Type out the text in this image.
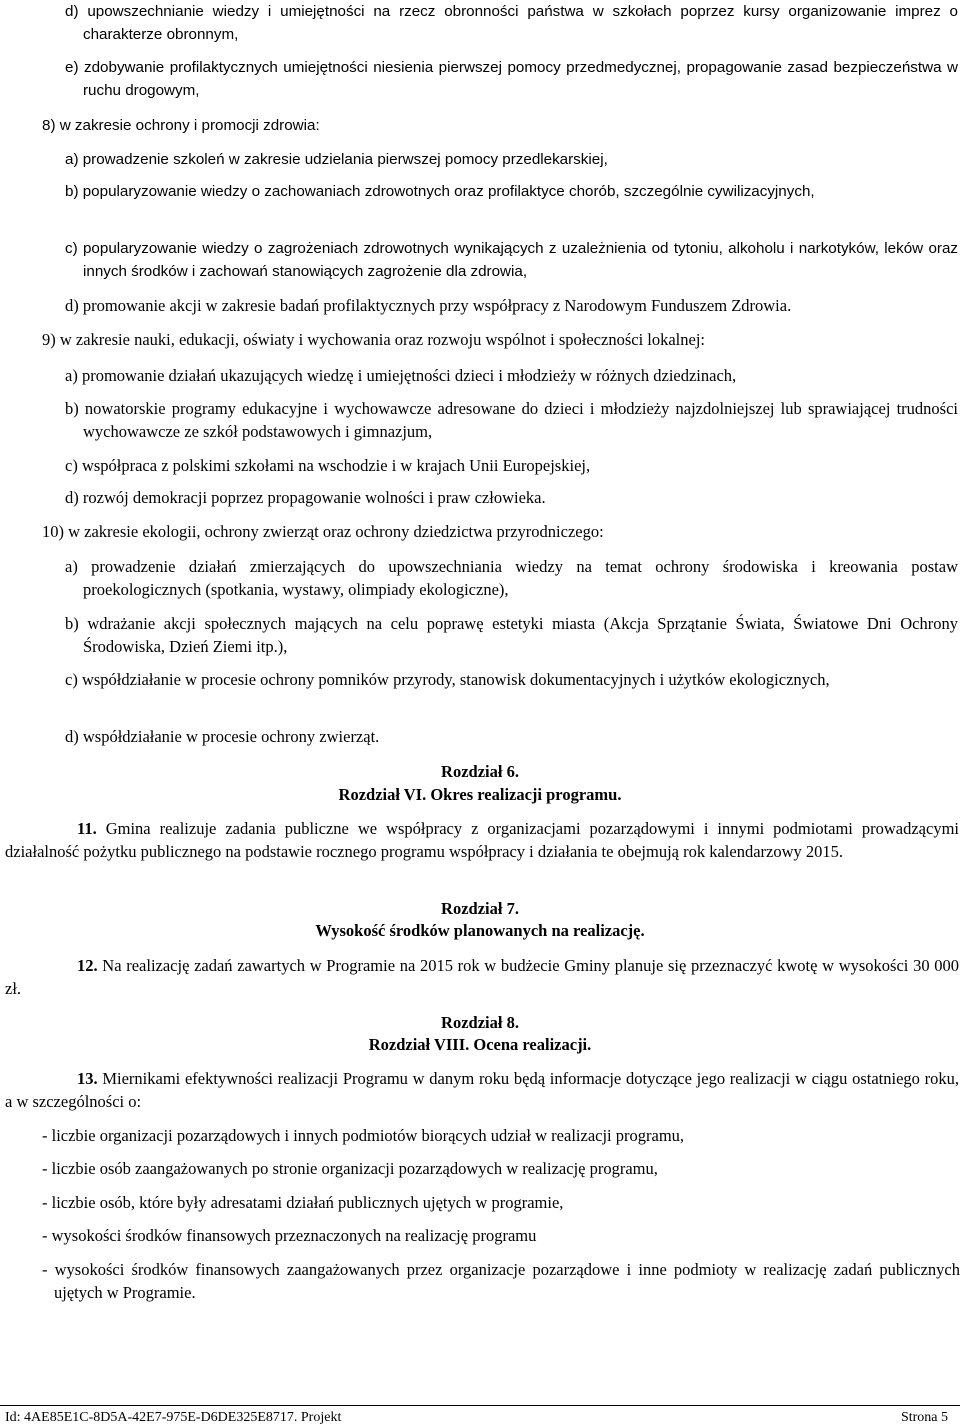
d) upowszechnianie wiedzy i umiejętności na rzecz obronności państwa w szkołach poprzez kursy organizowanie imprez o charakterze obronnym,

e) zdobywanie profilaktycznych umiejętności niesienia pierwszej pomocy przedmedycznej, propagowanie zasad bezpieczeństwa w ruchu drogowym,

8) w zakresie ochrony i promocji zdrowia:

a) prowadzenie szkoleń w zakresie udzielania pierwszej pomocy przedlekarskiej,

b) popularyzowanie wiedzy o zachowaniach zdrowotnych oraz profilaktyce chorób, szczególnie cywilizacyjnych,

c) popularyzowanie wiedzy o zagrożeniach zdrowotnych wynikających z uzależnienia od tytoniu, alkoholu i narkotyków, leków oraz innych środków i zachowań stanowiących zagrożenie dla zdrowia,

d) promowanie akcji w zakresie badań profilaktycznych przy współpracy z Narodowym Funduszem Zdrowia.

9) w zakresie nauki, edukacji, oświaty i wychowania oraz rozwoju wspólnot i społeczności lokalnej:

a) promowanie działań ukazujących wiedzę i umiejętności dzieci i młodzieży w różnych dziedzinach,

b) nowatorskie programy edukacyjne i wychowawcze adresowane do dzieci i młodzieży najzdolniejszej lub sprawiającej trudności wychowawcze ze szkół podstawowych i gimnazjum,

c) współpraca z polskimi szkołami na wschodzie i w krajach Unii Europejskiej,

d) rozwój demokracji poprzez propagowanie wolności i praw człowieka.

10) w zakresie ekologii, ochrony zwierząt oraz ochrony dziedzictwa przyrodniczego:

a) prowadzenie działań zmierzających do upowszechniania wiedzy na temat ochrony środowiska i kreowania postaw proekologicznych (spotkania, wystawy, olimpiady ekologiczne),

b) wdrażanie akcji społecznych mających na celu poprawę estetyki miasta (Akcja Sprzątanie Świata, Światowe Dni Ochrony Środowiska, Dzień Ziemi itp.),

c) współdziałanie w procesie ochrony pomników przyrody, stanowisk dokumentacyjnych i użytków ekologicznych,

d) współdziałanie w procesie ochrony zwierząt.

Rozdział 6.

Rozdział VI. Okres realizacji programu.

11. Gmina realizuje zadania publiczne we współpracy z organizacjami pozarządowymi i innymi podmiotami prowadzącymi działalność pożytku publicznego na podstawie rocznego programu współpracy i działania te obejmują rok kalendarzowy 2015.

Rozdział 7.

Wysokość środków planowanych na realizację.

12. Na realizację zadań zawartych w Programie na 2015 rok w budżecie Gminy planuje się przeznaczyć kwotę w wysokości 30 000 zł.

Rozdział 8.

Rozdział VIII. Ocena realizacji.

13. Miernikami efektywności realizacji Programu w danym roku będą informacje dotyczące jego realizacji w ciągu ostatniego roku, a w szczególności o:

- liczbie organizacji pozarządowych i innych podmiotów biorących udział w realizacji programu,

- liczbie osób zaangażowanych po stronie organizacji pozarządowych w realizację programu,

- liczbie osób, które były adresatami działań publicznych ujętych w programie,

- wysokości środków finansowych przeznaczonych na realizację programu

- wysokości środków finansowych zaangażowanych przez organizacje pozarządowe i inne podmioty w realizację zadań publicznych ujętych w Programie.

Id: 4AE85E1C-8D5A-42E7-975E-D6DE325E8717. Projekt	Strona 5
